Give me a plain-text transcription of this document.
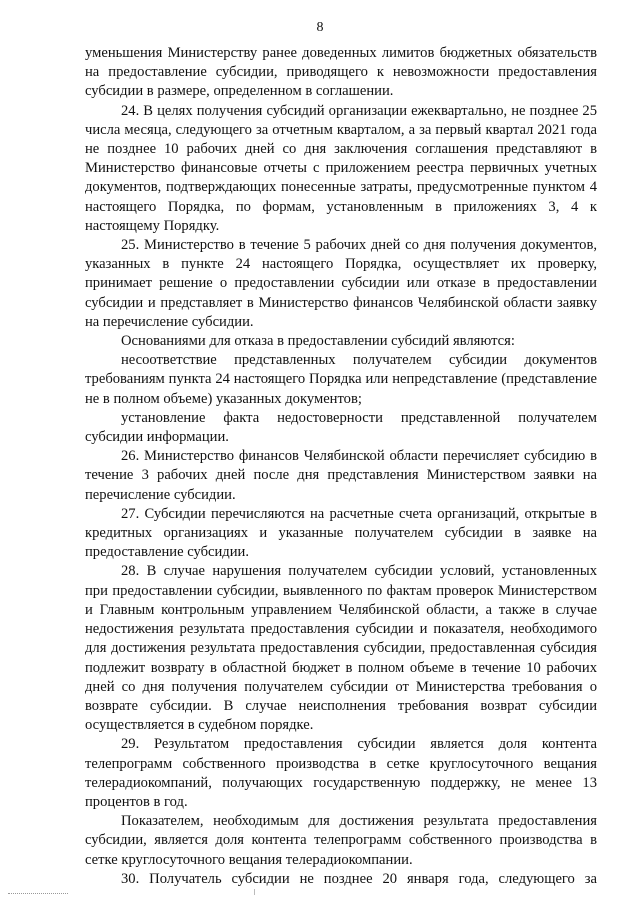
8

уменьшения Министерству ранее доведенных лимитов бюджетных обязательств на предоставление субсидии, приводящего к невозможности предоставления субсидии в размере, определенном в соглашении.

24. В целях получения субсидий организации ежеквартально, не позднее 25 числа месяца, следующего за отчетным кварталом, а за первый квартал 2021 года не позднее 10 рабочих дней со дня заключения соглашения представляют в Министерство финансовые отчеты с приложением реестра первичных учетных документов, подтверждающих понесенные затраты, предусмотренные пунктом 4 настоящего Порядка, по формам, установленным в приложениях 3, 4 к настоящему Порядку.

25. Министерство в течение 5 рабочих дней со дня получения документов, указанных в пункте 24 настоящего Порядка, осуществляет их проверку, принимает решение о предоставлении субсидии или отказе в предоставлении субсидии и представляет в Министерство финансов Челябинской области заявку на перечисление субсидии.

Основаниями для отказа в предоставлении субсидий являются:

несоответствие представленных получателем субсидии документов требованиям пункта 24 настоящего Порядка или непредставление (представление не в полном объеме) указанных документов;

установление факта недостоверности представленной получателем субсидии информации.

26. Министерство финансов Челябинской области перечисляет субсидию в течение 3 рабочих дней после дня представления Министерством заявки на перечисление субсидии.

27. Субсидии перечисляются на расчетные счета организаций, открытые в кредитных организациях и указанные получателем субсидии в заявке на предоставление субсидии.

28. В случае нарушения получателем субсидии условий, установленных при предоставлении субсидии, выявленного по фактам проверок Министерством и Главным контрольным управлением Челябинской области, а также в случае недостижения результата предоставления субсидии и показателя, необходимого для достижения результата предоставления субсидии, предоставленная субсидия подлежит возврату в областной бюджет в полном объеме в течение 10 рабочих дней со дня получения получателем субсидии от Министерства требования о возврате субсидии. В случае неисполнения требования возврат субсидии осуществляется в судебном порядке.

29. Результатом предоставления субсидии является доля контента телепрограмм собственного производства в сетке круглосуточного вещания телерадиокомпаний, получающих государственную поддержку, не менее 13 процентов в год.

Показателем, необходимым для достижения результата предоставления субсидии, является доля контента телепрограмм собственного производства в сетке круглосуточного вещания телерадиокомпании.

30. Получатель субсидии не позднее 20 января года, следующего за
